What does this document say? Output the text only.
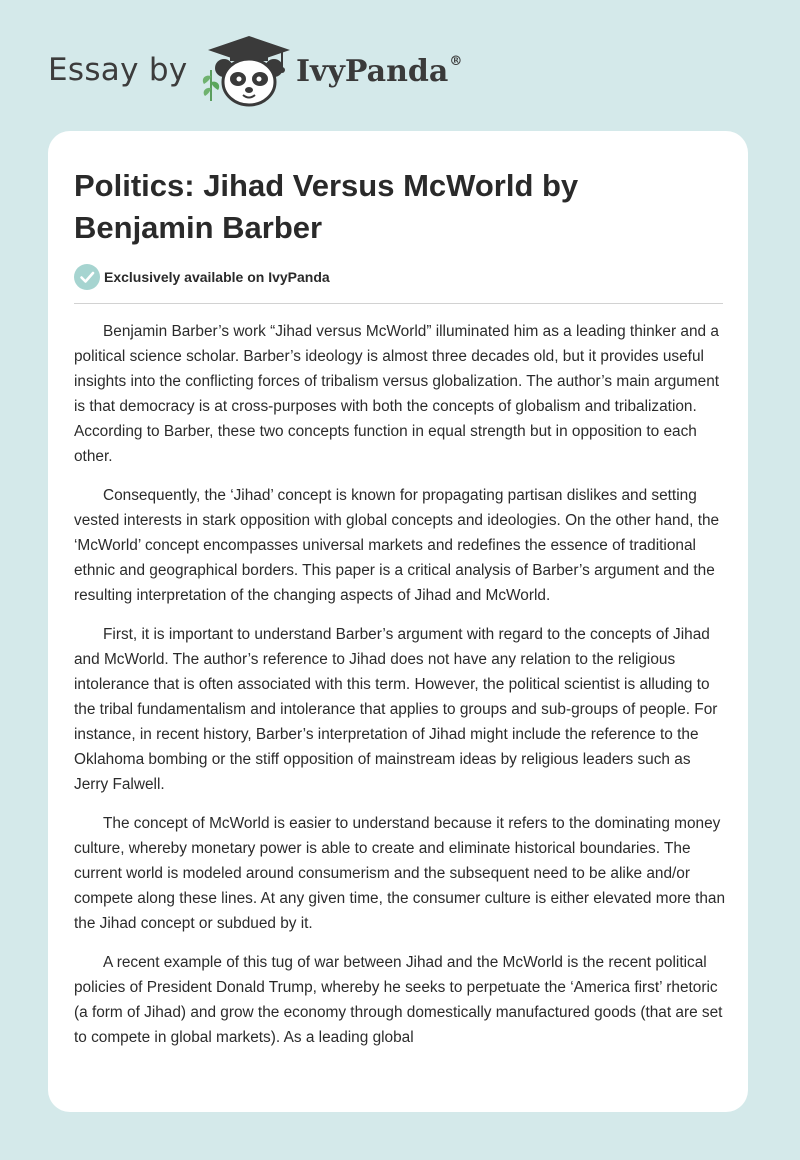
Essay by	IvyPanda®
Politics: Jihad Versus McWorld by Benjamin Barber
Exclusively available on IvyPanda

Benjamin Barber’s work “Jihad versus McWorld” illuminated him as a leading thinker and a political science scholar. Barber’s ideology is almost three decades old, but it provides useful insights into the conflicting forces of tribalism versus globalization. The author’s main argument is that democracy is at cross-purposes with both the concepts of globalism and tribalization. According to Barber, these two concepts function in equal strength but in opposition to each other.

Consequently, the ‘Jihad’ concept is known for propagating partisan dislikes and setting vested interests in stark opposition with global concepts and ideologies. On the other hand, the ‘McWorld’ concept encompasses universal markets and redefines the essence of traditional ethnic and geographical borders. This paper is a critical analysis of Barber’s argument and the resulting interpretation of the changing aspects of Jihad and McWorld.

First, it is important to understand Barber’s argument with regard to the concepts of Jihad and McWorld. The author’s reference to Jihad does not have any relation to the religious intolerance that is often associated with this term. However, the political scientist is alluding to the tribal fundamentalism and intolerance that applies to groups and sub-groups of people. For instance, in recent history, Barber’s interpretation of Jihad might include the reference to the Oklahoma bombing or the stiff opposition of mainstream ideas by religious leaders such as Jerry Falwell.

The concept of McWorld is easier to understand because it refers to the dominating money culture, whereby monetary power is able to create and eliminate historical boundaries. The current world is modeled around consumerism and the subsequent need to be alike and/or compete along these lines. At any given time, the consumer culture is either elevated more than the Jihad concept or subdued by it.

A recent example of this tug of war between Jihad and the McWorld is the recent political policies of President Donald Trump, whereby he seeks to perpetuate the ‘America first’ rhetoric (a form of Jihad) and grow the economy through domestically manufactured goods (that are set to compete in global markets). As a leading global
